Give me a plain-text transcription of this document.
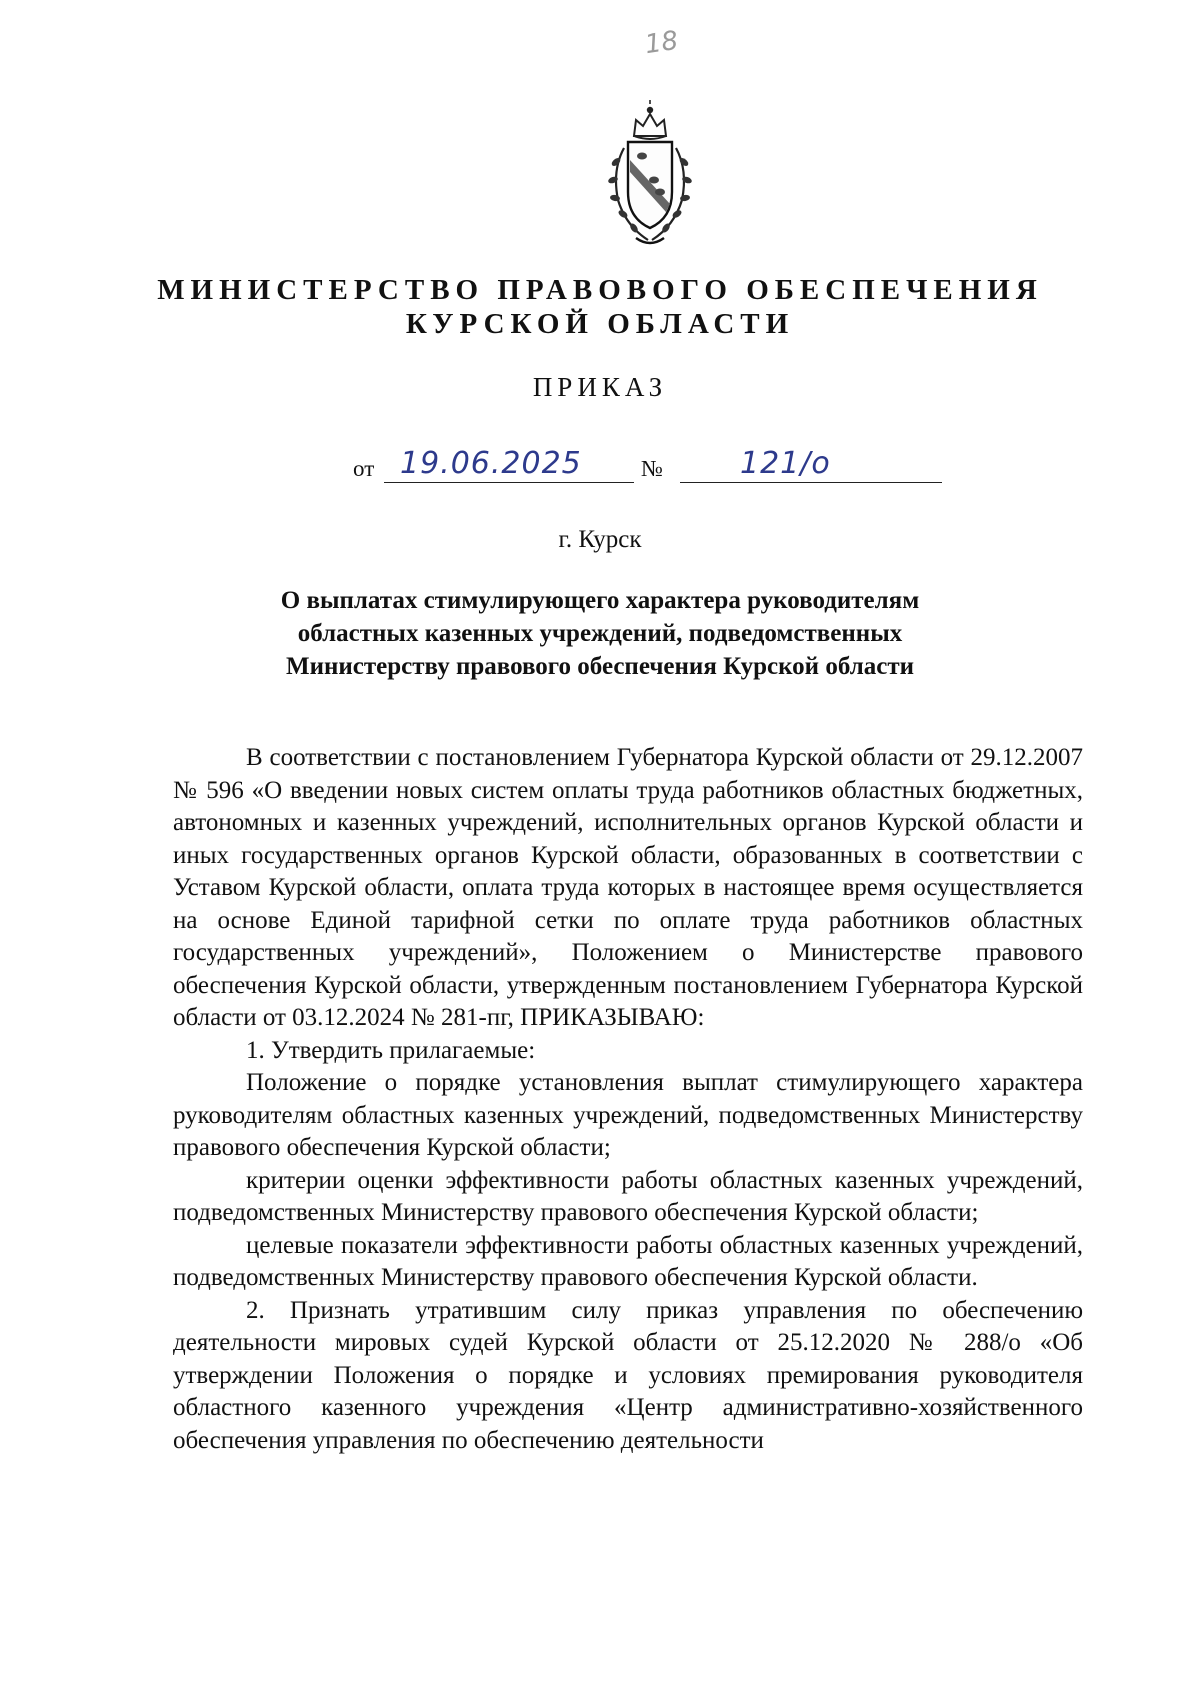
18
МИНИСТЕРСТВО ПРАВОВОГО ОБЕСПЕЧЕНИЯ
КУРСКОЙ ОБЛАСТИ
ПРИКАЗ
от 19.06.2025	№	121/о
г. Курск
О выплатах стимулирующего характера руководителям
областных казенных учреждений, подведомственных
Министерству правового обеспечения Курской области

В соответствии с постановлением Губернатора Курской области от 29.12.2007 № 596 «О введении новых систем оплаты труда работников областных бюджетных, автономных и казенных учреждений, исполнительных органов Курской области и иных государственных органов Курской области, образованных в соответствии с Уставом Курской области, оплата труда которых в настоящее время осуществляется на основе Единой тарифной сетки по оплате труда работников областных государственных учреждений», Положением о Министерстве правового обеспечения Курской области, утвержденным постановлением Губернатора Курской области от 03.12.2024 № 281-пг, ПРИКАЗЫВАЮ:

1. Утвердить прилагаемые:

Положение о порядке установления выплат стимулирующего характера руководителям областных казенных учреждений, подведомственных Министерству правового обеспечения Курской области;

критерии оценки эффективности работы областных казенных учреждений, подведомственных Министерству правового обеспечения Курской области;

целевые показатели эффективности работы областных казенных учреждений, подведомственных Министерству правового обеспечения Курской области.

2. Признать утратившим силу приказ управления по обеспечению деятельности мировых судей Курской области от 25.12.2020 № 288/о «Об утверждении Положения о порядке и условиях премирования руководителя областного казенного учреждения «Центр административно-хозяйственного обеспечения управления по обеспечению деятельности
